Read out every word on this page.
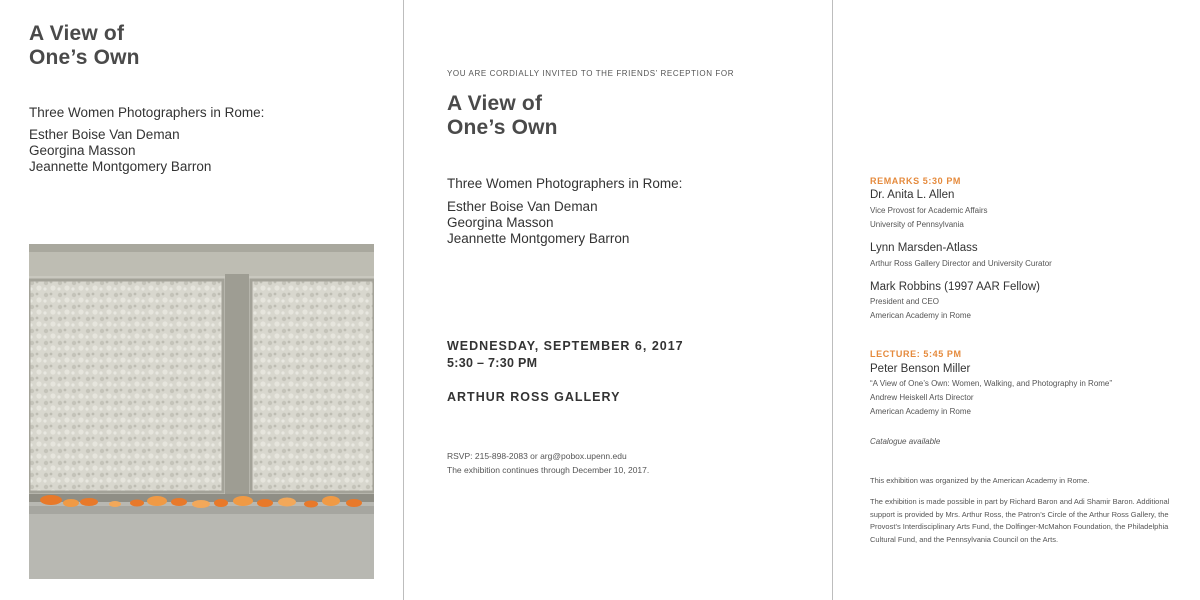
A View of
One’s Own
Three Women Photographers in Rome:
Esther Boise Van Deman
Georgina Masson
Jeannette Montgomery Barron
YOU ARE CORDIALLY INVITED TO THE FRIENDS’ RECEPTION FOR
A View of
One’s Own
Three Women Photographers in Rome:
Esther Boise Van Deman
Georgina Masson
Jeannette Montgomery Barron
WEDNESDAY, SEPTEMBER 6, 2017
5:30 – 7:30 PM
ARTHUR ROSS GALLERY
RSVP: 215-898-2083 or arg@pobox.upenn.edu
The exhibition continues through December 10, 2017.
REMARKS 5:30 PM
Dr. Anita L. Allen
Vice Provost for Academic Affairs
University of Pennsylvania
Lynn Marsden-Atlass
Arthur Ross Gallery Director and University Curator
Mark Robbins (1997 AAR Fellow)
President and CEO
American Academy in Rome
LECTURE: 5:45 PM
Peter Benson Miller
“A View of One’s Own: Women, Walking, and Photography in Rome”
Andrew Heiskell Arts Director
American Academy in Rome
Catalogue available
This exhibition was organized by the American Academy in Rome.
The exhibition is made possible in part by Richard Baron and Adi Shamir Baron. Additional support is provided by Mrs. Arthur Ross, the Patron’s Circle of the Arthur Ross Gallery, the Provost’s Interdisciplinary Arts Fund, the Dolfinger-McMahon Foundation, the Philadelphia Cultural Fund, and the Pennsylvania Council on the Arts.
